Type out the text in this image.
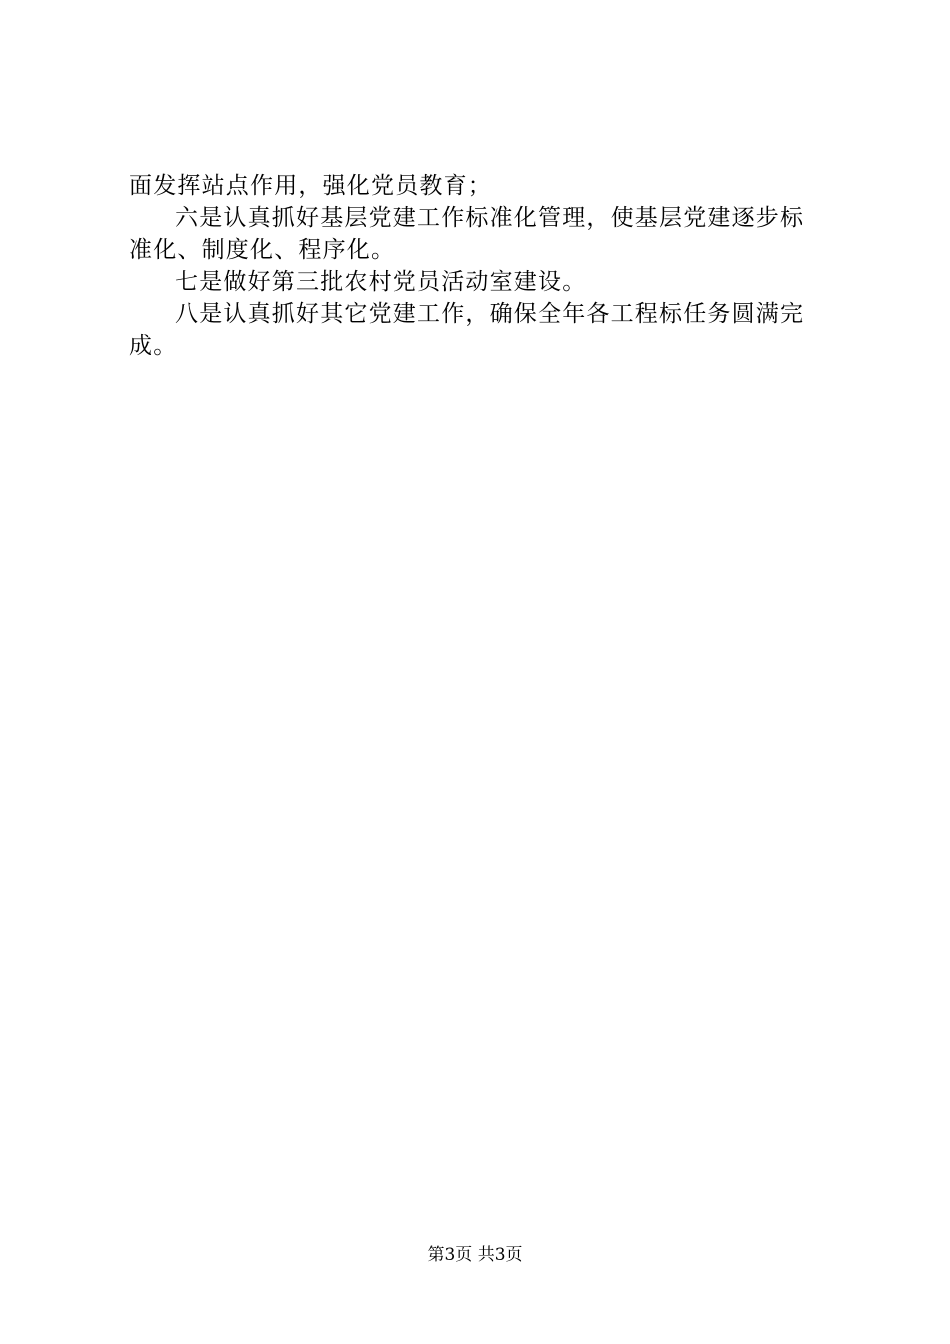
面发挥站点作用，强化党员教育；
六是认真抓好基层党建工作标准化管理，使基层党建逐步标
准化、制度化、程序化。
七是做好第三批农村党员活动室建设。
八是认真抓好其它党建工作，确保全年各工程标任务圆满完
成。
第3页 共3页
